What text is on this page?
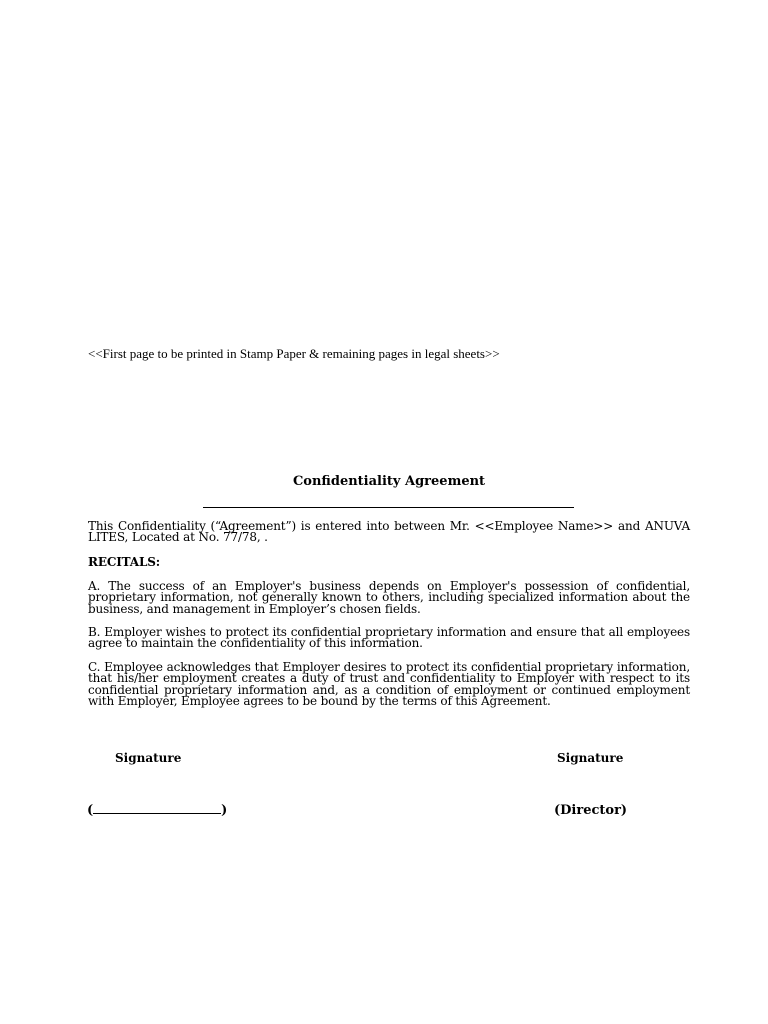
<<First page to be printed in Stamp Paper & remaining pages in legal sheets>>
Confidentiality Agreement

This Confidentiality (“Agreement”) is entered into between Mr. <<Employee Name>> and ANUVA LITES, Located at No. 77/78, .

RECITALS:

A. The success of an Employer's business depends on Employer's possession of confidential, proprietary information, not generally known to others, including specialized information about the business, and management in Employer’s chosen fields.

B. Employer wishes to protect its confidential proprietary information and ensure that all employees agree to maintain the confidentiality of this information.

C. Employee acknowledges that Employer desires to protect its confidential proprietary information, that his/her employment creates a duty of trust and confidentiality to Employer with respect to its confidential proprietary information and, as a condition of employment or continued employment with Employer, Employee agrees to be bound by the terms of this Agreement.

Signature	Signature
(	)	(Director)
